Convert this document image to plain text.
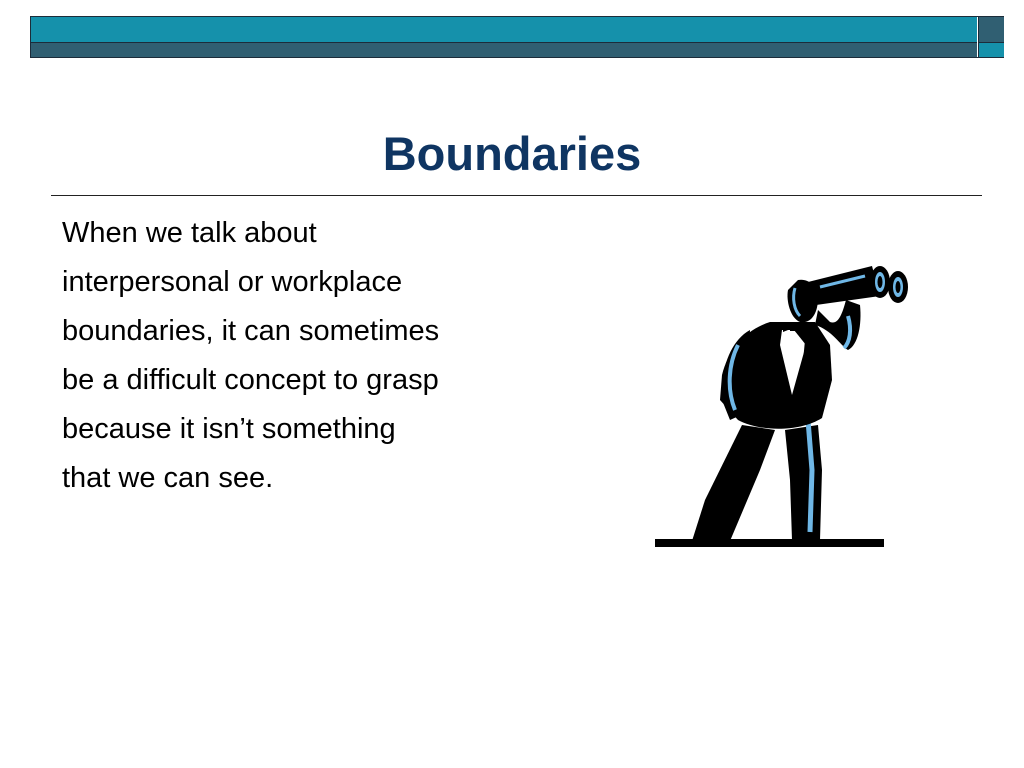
Boundaries
When we talk about
interpersonal or workplace
boundaries, it can sometimes
be a difficult concept to grasp
because it isn’t something
that we can see.
